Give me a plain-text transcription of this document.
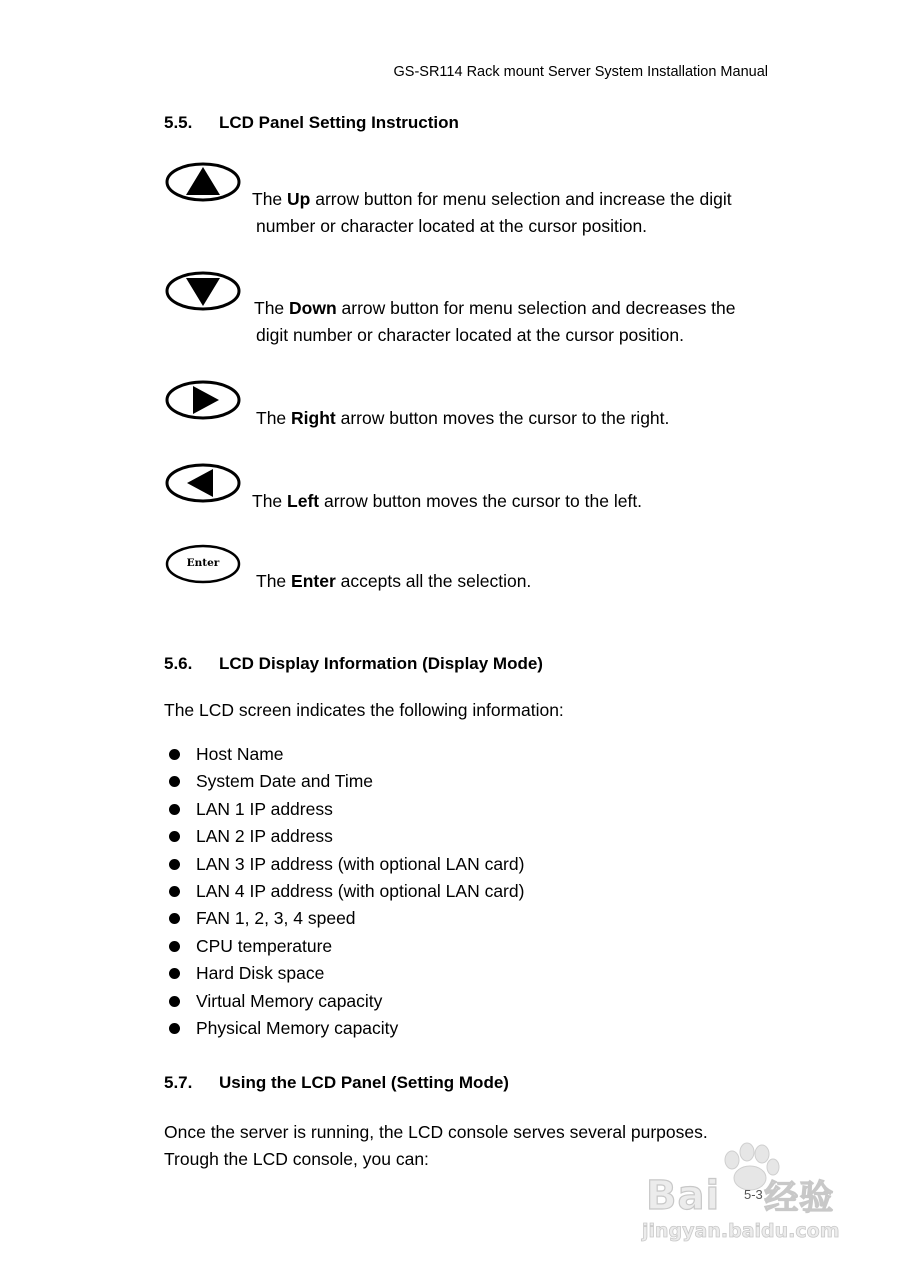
GS-SR114 Rack mount Server System Installation Manual
5.5. LCD Panel Setting Instruction
The Up arrow button for menu selection and increase the digit
number or character located at the cursor position.
The Down arrow button for menu selection and decreases the
digit number or character located at the cursor position.
The Right arrow button moves the cursor to the right.
The Left arrow button moves the cursor to the left.
Enter
The Enter accepts all the selection.
5.6. LCD Display Information (Display Mode)
The LCD screen indicates the following information:
Host Name
System Date and Time
LAN 1 IP address
LAN 2 IP address
LAN 3 IP address (with optional LAN card)
LAN 4 IP address (with optional LAN card)
FAN 1, 2, 3, 4 speed
CPU temperature
Hard Disk space
Virtual Memory capacity
Physical Memory capacity
5.7. Using the LCD Panel (Setting Mode)
Once the server is running, the LCD console serves several purposes.
Trough the LCD console, you can:
Bai 经验
jingyan.baidu.com
5-3
